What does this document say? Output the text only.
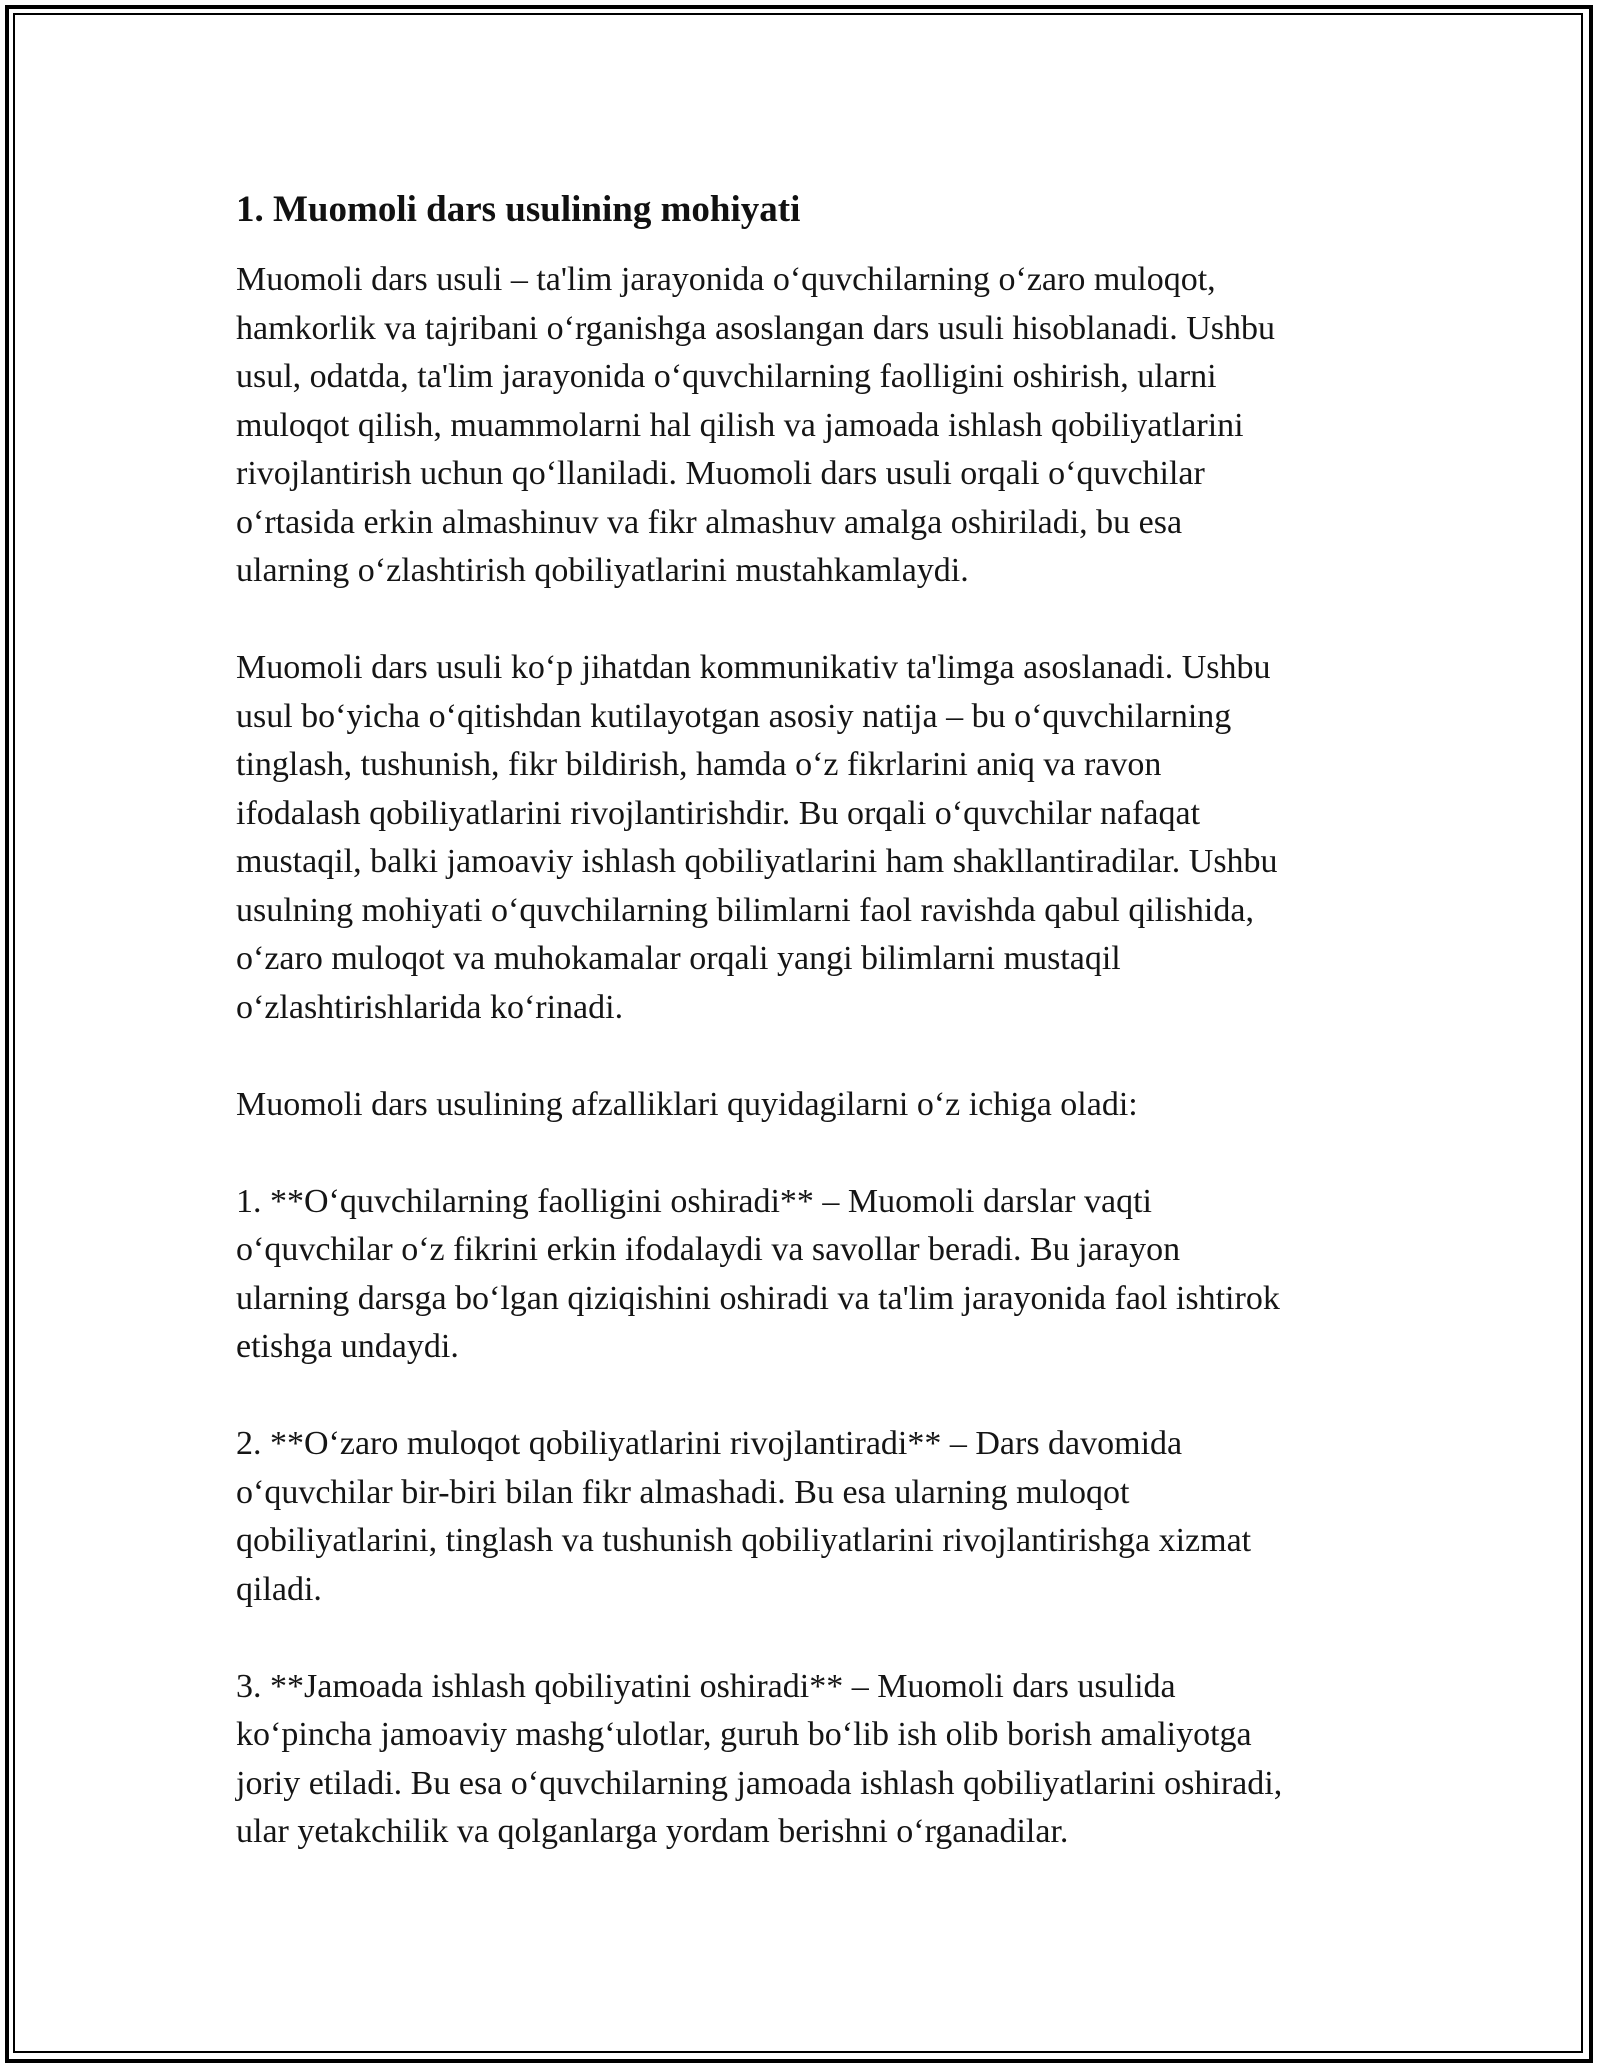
1. Muomoli dars usulining mohiyati
Muomoli dars usuli – ta'lim jarayonida oʻquvchilarning oʻzaro muloqot,
hamkorlik va tajribani oʻrganishga asoslangan dars usuli hisoblanadi. Ushbu
usul, odatda, ta'lim jarayonida oʻquvchilarning faolligini oshirish, ularni
muloqot qilish, muammolarni hal qilish va jamoada ishlash qobiliyatlarini
rivojlantirish uchun qoʻllaniladi. Muomoli dars usuli orqali oʻquvchilar
oʻrtasida erkin almashinuv va fikr almashuv amalga oshiriladi, bu esa
ularning oʻzlashtirish qobiliyatlarini mustahkamlaydi.
Muomoli dars usuli koʻp jihatdan kommunikativ ta'limga asoslanadi. Ushbu
usul boʻyicha oʻqitishdan kutilayotgan asosiy natija – bu oʻquvchilarning
tinglash, tushunish, fikr bildirish, hamda oʻz fikrlarini aniq va ravon
ifodalash qobiliyatlarini rivojlantirishdir. Bu orqali oʻquvchilar nafaqat
mustaqil, balki jamoaviy ishlash qobiliyatlarini ham shakllantiradilar. Ushbu
usulning mohiyati oʻquvchilarning bilimlarni faol ravishda qabul qilishida,
oʻzaro muloqot va muhokamalar orqali yangi bilimlarni mustaqil
oʻzlashtirishlarida koʻrinadi.
Muomoli dars usulining afzalliklari quyidagilarni oʻz ichiga oladi:
1. **Oʻquvchilarning faolligini oshiradi** – Muomoli darslar vaqti
oʻquvchilar oʻz fikrini erkin ifodalaydi va savollar beradi. Bu jarayon
ularning darsga boʻlgan qiziqishini oshiradi va ta'lim jarayonida faol ishtirok
etishga undaydi.
2. **Oʻzaro muloqot qobiliyatlarini rivojlantiradi** – Dars davomida
oʻquvchilar bir-biri bilan fikr almashadi. Bu esa ularning muloqot
qobiliyatlarini, tinglash va tushunish qobiliyatlarini rivojlantirishga xizmat
qiladi.
3. **Jamoada ishlash qobiliyatini oshiradi** – Muomoli dars usulida
koʻpincha jamoaviy mashgʻulotlar, guruh boʻlib ish olib borish amaliyotga
joriy etiladi. Bu esa oʻquvchilarning jamoada ishlash qobiliyatlarini oshiradi,
ular yetakchilik va qolganlarga yordam berishni oʻrganadilar.
